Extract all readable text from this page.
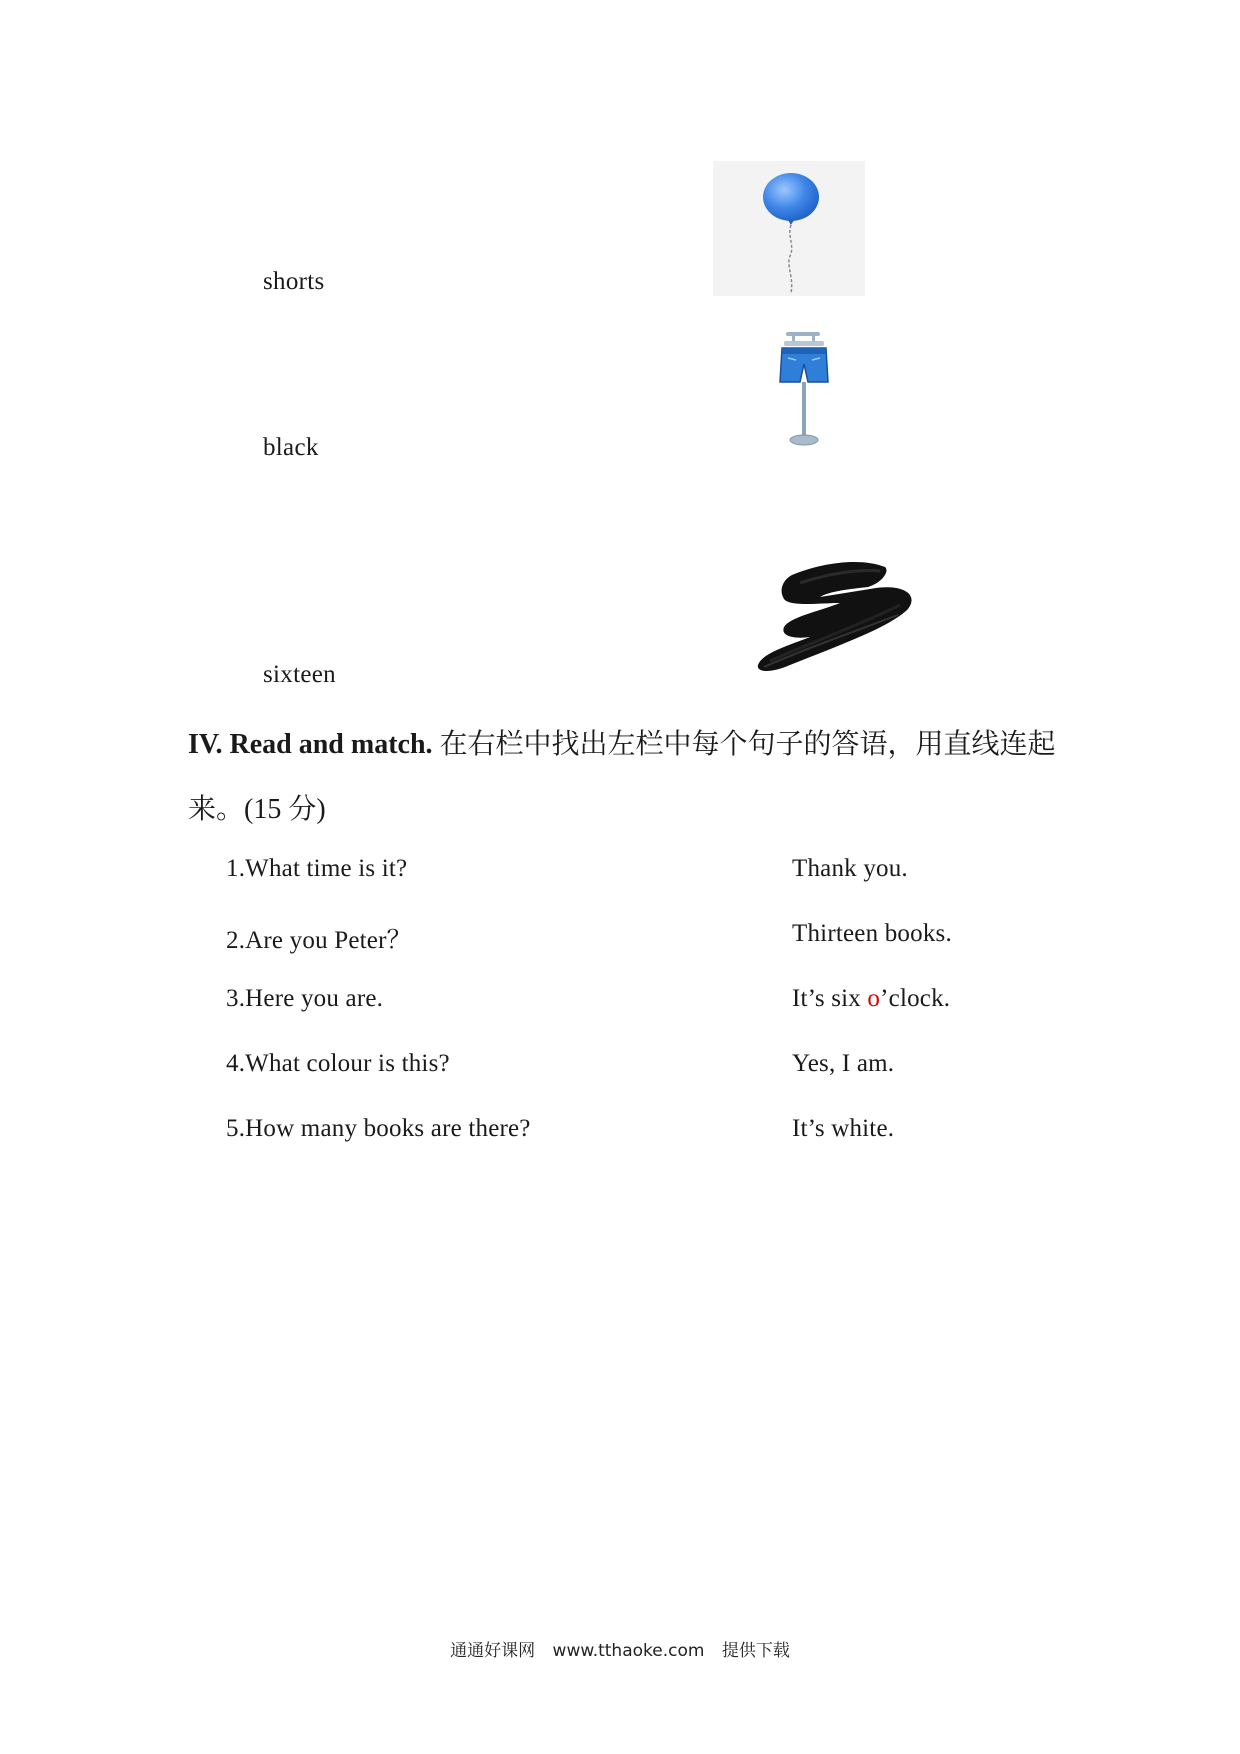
shorts
black
sixteen
IV. Read and match. 在右栏中找出左栏中每个句子的答语，用直线连起来。(15 分)
1.What time is it?
2.Are you Peter？
3.Here you are.
4.What colour is this?
5.How many books are there?
Thank you.
Thirteen books.
It’s six o’clock.
Yes, I am.
It’s white.
通通好课网 www.tthaoke.com 提供下载
